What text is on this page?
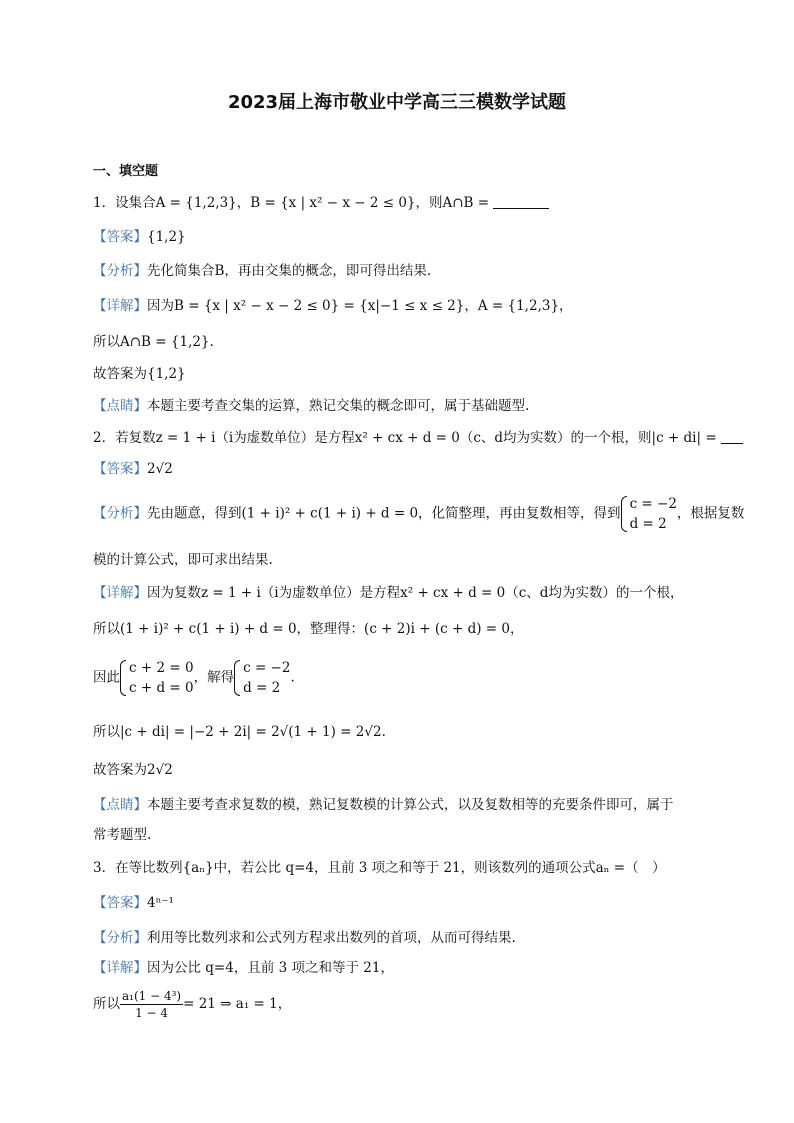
2023届上海市敬业中学高三三模数学试题
一、填空题
1．设集合A = {1,2,3}，B = {x | x² − x − 2 ≤ 0}，则A∩B =
【答案】{1,2}
【分析】先化简集合B，再由交集的概念，即可得出结果.
【详解】因为B = {x | x² − x − 2 ≤ 0} = {x|−1 ≤ x ≤ 2}，A = {1,2,3}，
所以A∩B = {1,2}.
故答案为{1,2}
【点睛】本题主要考查交集的运算，熟记交集的概念即可，属于基础题型.
2．若复数z = 1 + i（i为虚数单位）是方程x² + cx + d = 0（c、d均为实数）的一个根，则|c + di| =
【答案】2√2
【分析】先由题意，得到(1 + i)² + c(1 + i) + d = 0，化简整理，再由复数相等，得到
c = −2
d = 2
，根据复数
模的计算公式，即可求出结果.
【详解】因为复数z = 1 + i（i为虚数单位）是方程x² + cx + d = 0（c、d均为实数）的一个根，
所以(1 + i)² + c(1 + i) + d = 0，整理得：(c + 2)i + (c + d) = 0，
因此
c + 2 = 0
c + d = 0
，解得
c = −2
d = 2
.
所以|c + di| = |−2 + 2i| = 2√(1 + 1) = 2√2.
故答案为2√2
【点睛】本题主要考查求复数的模，熟记复数模的计算公式，以及复数相等的充要条件即可，属于
常考题型.
3．在等比数列{aₙ}中，若公比 q=4，且前 3 项之和等于 21，则该数列的通项公式aₙ =（　）
【答案】4ⁿ⁻¹
【分析】利用等比数列求和公式列方程求出数列的首项，从而可得结果.
【详解】因为公比 q=4，且前 3 项之和等于 21，
所以 $\frac{\text{a₁(1 − 4³)}}{1 - 4} = 21$ ⇒ a₁ = 1，
